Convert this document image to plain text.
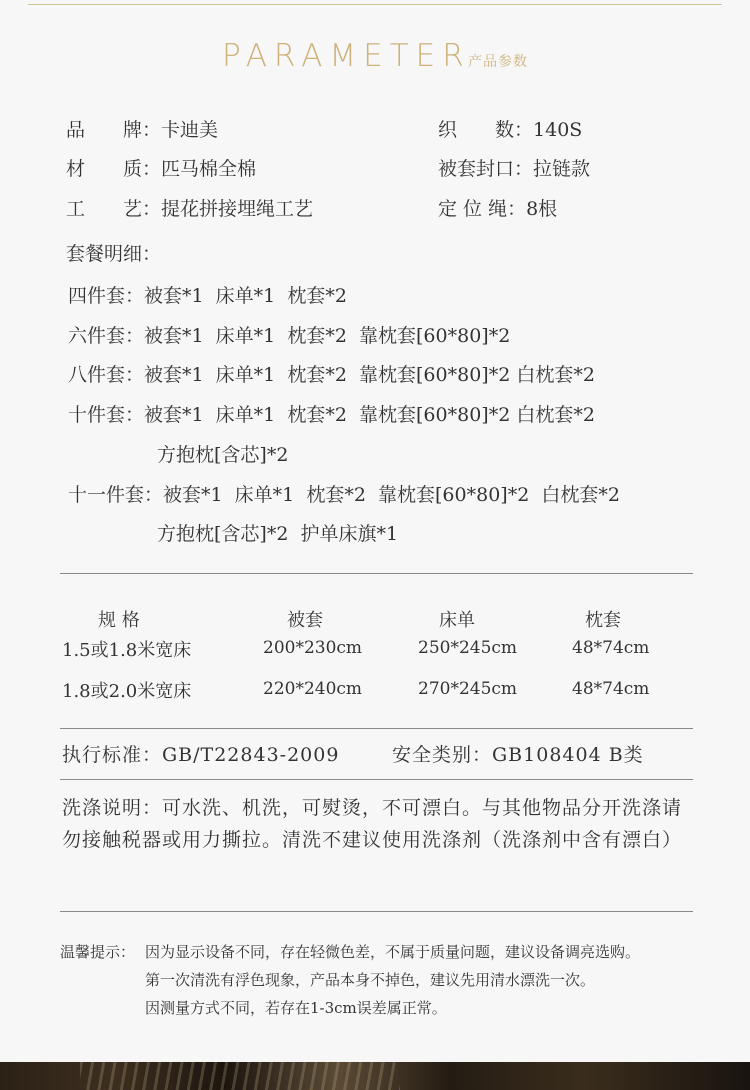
PARAMETER
产品参数
品　　牌：卡迪美	织　　数：140S
材　　质：匹马棉全棉	被套封口：拉链款
工　　艺：提花拼接埋绳工艺	定 位 绳：8根
套餐明细：
四件套：被套*1  床单*1  枕套*2
六件套：被套*1  床单*1  枕套*2  靠枕套[60*80]*2
八件套：被套*1  床单*1  枕套*2  靠枕套[60*80]*2 白枕套*2
十件套：被套*1  床单*1  枕套*2  靠枕套[60*80]*2 白枕套*2
方抱枕[含芯]*2
十一件套：被套*1  床单*1  枕套*2  靠枕套[60*80]*2  白枕套*2
方抱枕[含芯]*2  护单床旗*1
规 格	被套	床单	枕套
1.5或1.8米宽床	200*230cm	250*245cm	48*74cm
1.8或2.0米宽床	220*240cm	270*245cm	48*74cm
执行标准：GB/T22843-2009	安全类别：GB108404 B类
洗涤说明：可水洗、机洗，可熨烫，不可漂白。与其他物品分开洗涤请勿接触税器或用力撕拉。清洗不建议使用洗涤剂（洗涤剂中含有漂白）
温馨提示： 因为显示设备不同，存在轻微色差，不属于质量问题，建议设备调亮选购。
第一次清洗有浮色现象，产品本身不掉色，建议先用清水漂洗一次。
因测量方式不同，若存在1-3cm误差属正常。
